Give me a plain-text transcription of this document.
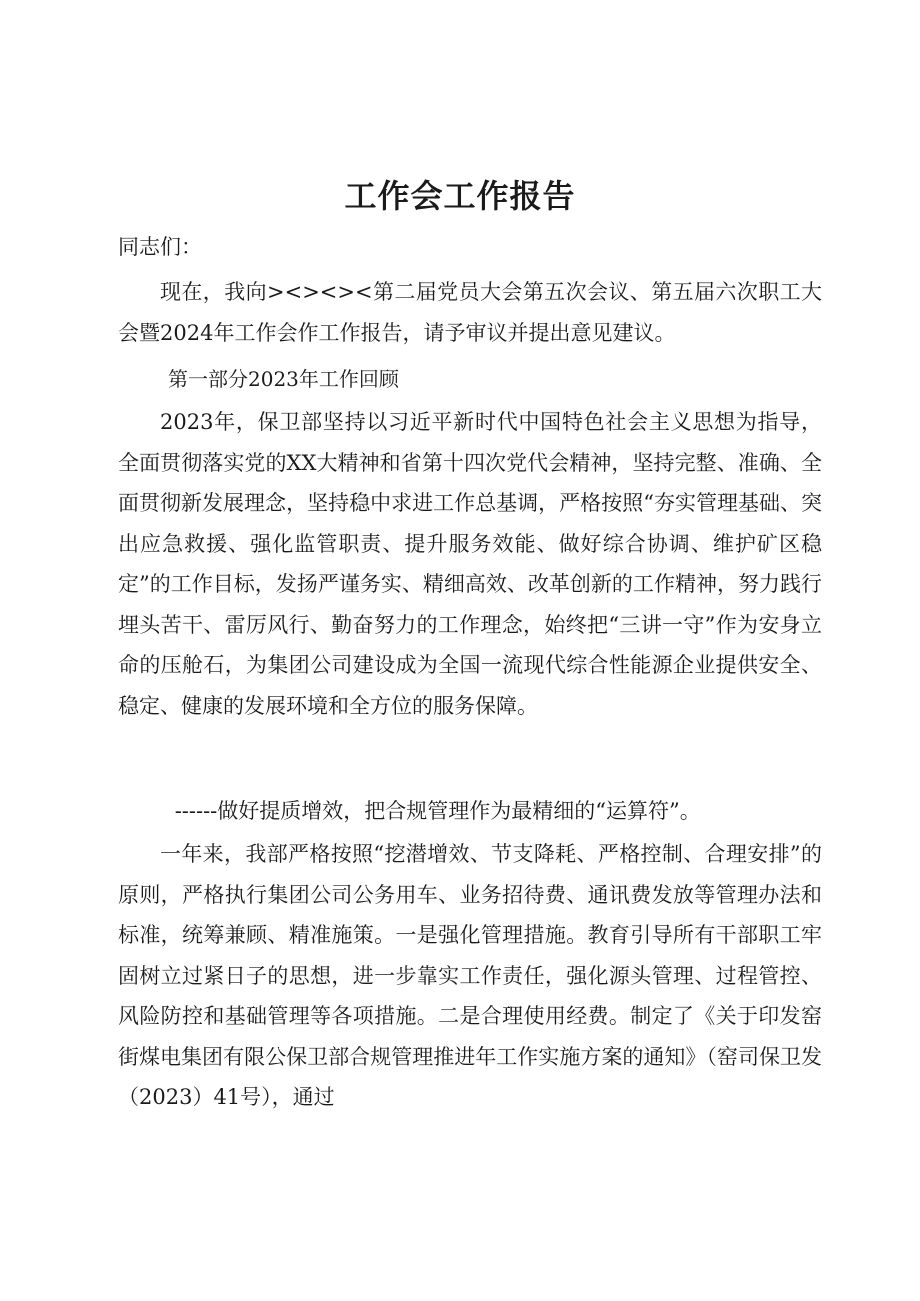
工作会工作报告
同志们：
现在，我向><><><第二届党员大会第五次会议、第五届六次职工大会暨2024年工作会作工作报告，请予审议并提出意见建议。
第一部分2023年工作回顾
2023年，保卫部坚持以习近平新时代中国特色社会主义思想为指导，全面贯彻落实党的XX大精神和省第十四次党代会精神，坚持完整、准确、全面贯彻新发展理念，坚持稳中求进工作总基调，严格按照“夯实管理基础、突出应急救援、强化监管职责、提升服务效能、做好综合协调、维护矿区稳定”的工作目标，发扬严谨务实、精细高效、改革创新的工作精神，努力践行埋头苦干、雷厉风行、勤奋努力的工作理念，始终把“三讲一守”作为安身立命的压舱石，为集团公司建设成为全国一流现代综合性能源企业提供安全、稳定、健康的发展环境和全方位的服务保障。
------做好提质增效，把合规管理作为最精细的“运算符”。
一年来，我部严格按照“挖潜增效、节支降耗、严格控制、合理安排”的原则，严格执行集团公司公务用车、业务招待费、通讯费发放等管理办法和标准，统筹兼顾、精准施策。一是强化管理措施。教育引导所有干部职工牢固树立过紧日子的思想，进一步靠实工作责任，强化源头管理、过程管控、风险防控和基础管理等各项措施。二是合理使用经费。制定了《关于印发窑街煤电集团有限公保卫部合规管理推进年工作实施方案的通知》（窑司保卫发（2023）41号），通过
